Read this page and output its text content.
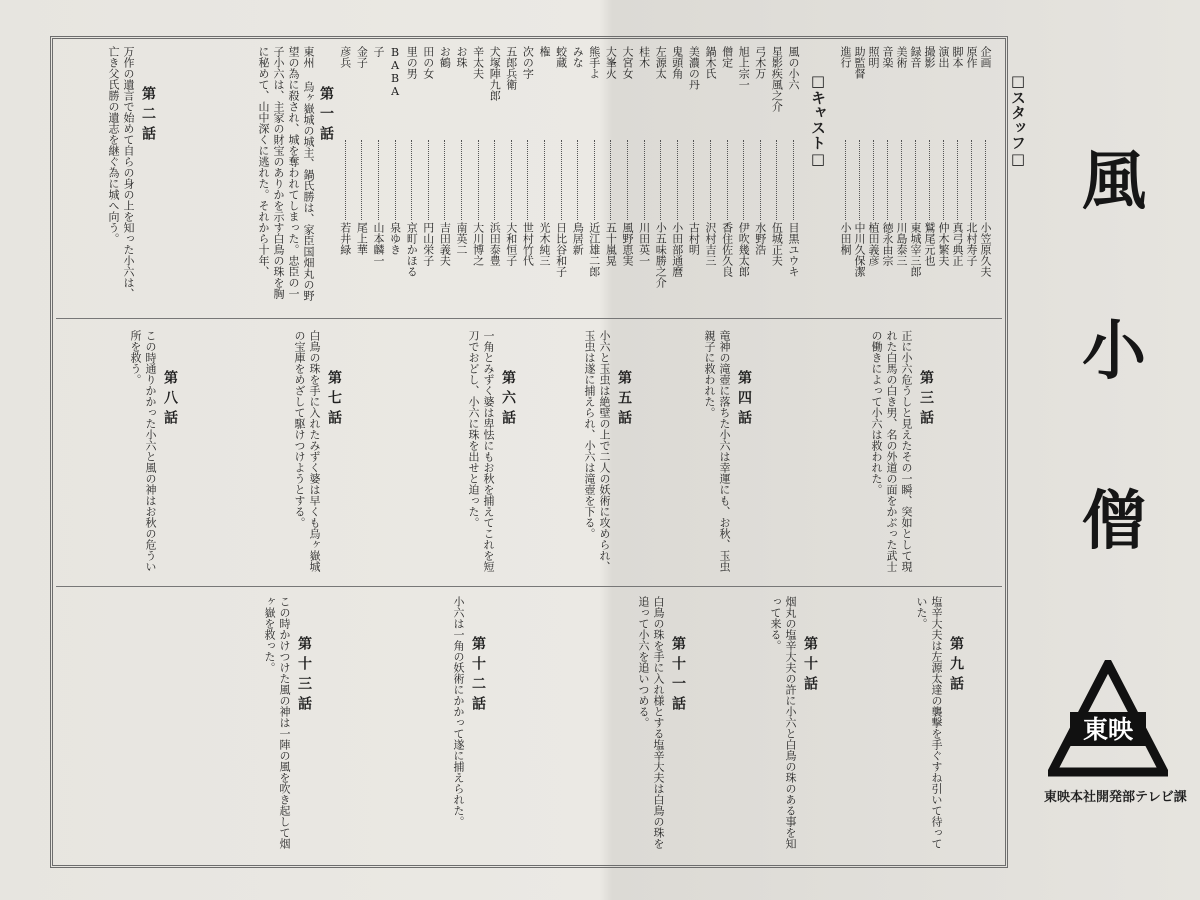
風
小
僧
東映
東映本社開発部テレビ課
□スタッフ□
企画
原作
脚本
演出
撮影
録音
美術
音楽
照明
助監督
進行
小笠原久夫
北村寿子
真弓典正
仲木繁夫
鷲尾元也
東城宰三郎
川島泰三
徳永由宗
植田義彦
中川久保潔
小田桐
□キャスト□
風の小六
星影疾風之介
弓木万
旭上宗一
僧定
鍋木氏
美濃の丹
鬼頭角
左源太
桂木
大宮女
大峯火
熊手よ
みな
蛟蔵
権
次の字
五郎兵衛
犬塚陣九郎
辛太夫
お珠
お鶴
田の女
里の男
BABA
子
金子
彦兵
目黒ユウキ
伍城正夫
水野浩
伊吹幾太郎
香住佐久良
沢村吉三
古村明
小田部通麿
小五味勝之介
川田英一
風野恵実
五十嵐晃
近江雄二郎
鳥居新
日比谷和子
光木純三
世村竹代
大和恒子
浜田泰豊
大川博之
南英二
吉田義夫
円山栄子
京町かほる
泉ゆき
山本麟一
尾上華
若井緑
第一話
東州 烏ヶ嶽城の城主、鍋氏勝は、家臣国畑丸の野望の為に殺され、城を奪われてしまった。忠臣の一子小六は、主家の財宝のありかを示す白鳥の珠を胸に秘めて、山中深くに逃れた。それから十年、
第二話
万作の遺言で始めて自らの身の上を知った小六は、亡き父氏勝の遺志を継ぐ為に城へ向う。
第三話
正に小六危うしと見えたその一瞬、突如として現れた白馬の白き男、名の外道の面をかぶった武士の働きによって小六は救われた。
第四話
竜神の滝壺に落ちた小六は幸運にも、お秋、玉虫親子に救われた。
第五話
小六と玉虫は絶壁の上で二人の妖術に攻められ、玉虫は遂に捕えられ、小六は滝壺を下る。
第六話
一角とみずく婆は卑怯にもお秋を捕えてこれを短刀でおどし、小六に珠を出せと迫った。
第七話
白鳥の珠を手に入れたみずく婆は早くも烏ヶ嶽城の宝庫をめざして駆けつけようとする。
第八話
この時通りかかった小六と風の神はお秋の危うい所を救う。
第九話
塩辛大夫は左源太達の襲撃を手ぐすね引いて待っていた。
第十話
烟丸の塩辛大夫の許に小六と白鳥の珠のある事を知って来る。
第十一話
白鳥の珠を手に入れ様とする塩辛大夫は白鳥の珠を追って小六を追いつめる。
第十二話
小六は一角の妖術にかかって遂に捕えられた。
第十三話
この時かけつけた風の神は一陣の風を吹き起して烟ヶ嶽を救った。
